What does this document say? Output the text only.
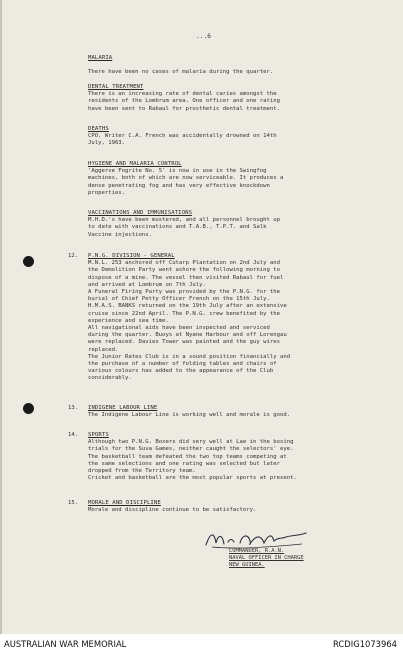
...6
MALARIA
There have been no cases of malaria during the quarter.
DENTAL TREATMENT
There is an increasing rate of dental caries amongst the
residents of the Lombrum area. One officer and one rating
have been sent to Rabaul for prosthetic dental treatment.
DEATHS
CPO. Writer C.A. French was accidentally drowned on 14th
July, 1963.
HYGIENE AND MALARIA CONTROL
'Aggerve Fogrite No. 5' is now in use in the Swingfog
machines, both of which are now serviceable. It produces a
dense penetrating fog and has very effective knockdown
properties.
VACCINATIONS AND IMMUNISATIONS
M.H.D.'s have been mustered, and all personnel brought up
to date with vaccinations and T.A.B., T.P.T. and Salk
Vaccine injections.
12. P.N.G. DIVISION - GENERAL
M.N.L. 253 anchored off Cutarp Plantation on 2nd July and
the Demolition Party went ashore the following morning to
dispose of a mine. The vessel then visited Rabaul for fuel
and arrived at Lombrum on 7th July.
A Funeral Firing Party was provided by the P.N.G. for the
burial of Chief Petty Officer French on the 15th July.
H.M.A.S. BANKS returned on the 19th July after an extensive
cruise since 22nd April. The P.N.G. crew benefited by the
experience and sea time.
All navigational aids have been inspected and serviced
during the quarter. Buoys at Nyane Harbour and off Lorengau
were replaced. Davies Tower was painted and the guy wires
replaced.
The Junior Rates Club is in a sound position financially and
the purchase of a number of folding tables and chairs of
various colours has added to the appearance of the Club
considerably.
13. INDIGENE LABOUR LINE
The Indigene Labour Line is working well and morale is good.
14. SPORTS
Although two P.N.G. Boxers did very well at Lae in the boxing
trials for the Suva Games, neither caught the selectors' eye.
The basketball team defeated the two top teams competing at
the same selections and one rating was selected but later
dropped from the Territory team.
Cricket and basketball are the most popular sports at present.
15. MORALE AND DISCIPLINE
Morale and discipline continue to be satisfactory.
COMMANDER, R.A.N.
NAVAL OFFICER IN CHARGE
NEW GUINEA.
AUSTRALIAN WAR MEMORIAL	RCDIG1073964
